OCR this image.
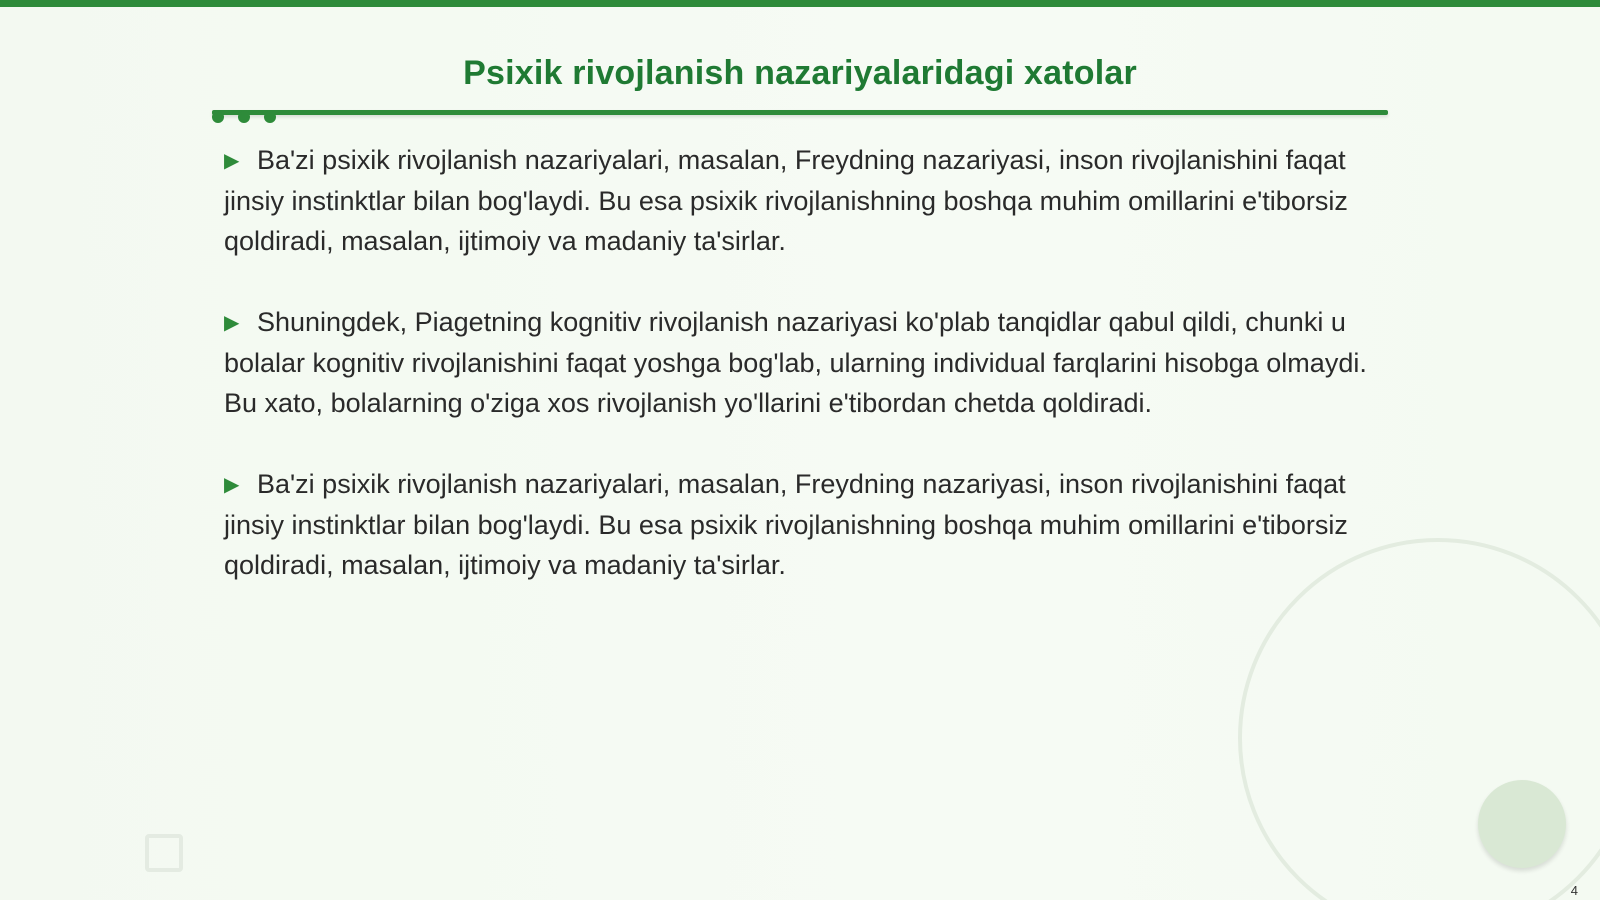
Psixik rivojlanish nazariyalaridagi xatolar

▶ Ba'zi psixik rivojlanish nazariyalari, masalan, Freydning nazariyasi, inson rivojlanishini faqat jinsiy instinktlar bilan bog'laydi. Bu esa psixik rivojlanishning boshqa muhim omillarini e'tiborsiz qoldiradi, masalan, ijtimoiy va madaniy ta'sirlar.

▶ Shuningdek, Piagetning kognitiv rivojlanish nazariyasi ko'plab tanqidlar qabul qildi, chunki u bolalar kognitiv rivojlanishini faqat yoshga bog'lab, ularning individual farqlarini hisobga olmaydi. Bu xato, bolalarning o'ziga xos rivojlanish yo'llarini e'tibordan chetda qoldiradi.

▶ Ba'zi psixik rivojlanish nazariyalari, masalan, Freydning nazariyasi, inson rivojlanishini faqat jinsiy instinktlar bilan bog'laydi. Bu esa psixik rivojlanishning boshqa muhim omillarini e'tiborsiz qoldiradi, masalan, ijtimoiy va madaniy ta'sirlar.

4
